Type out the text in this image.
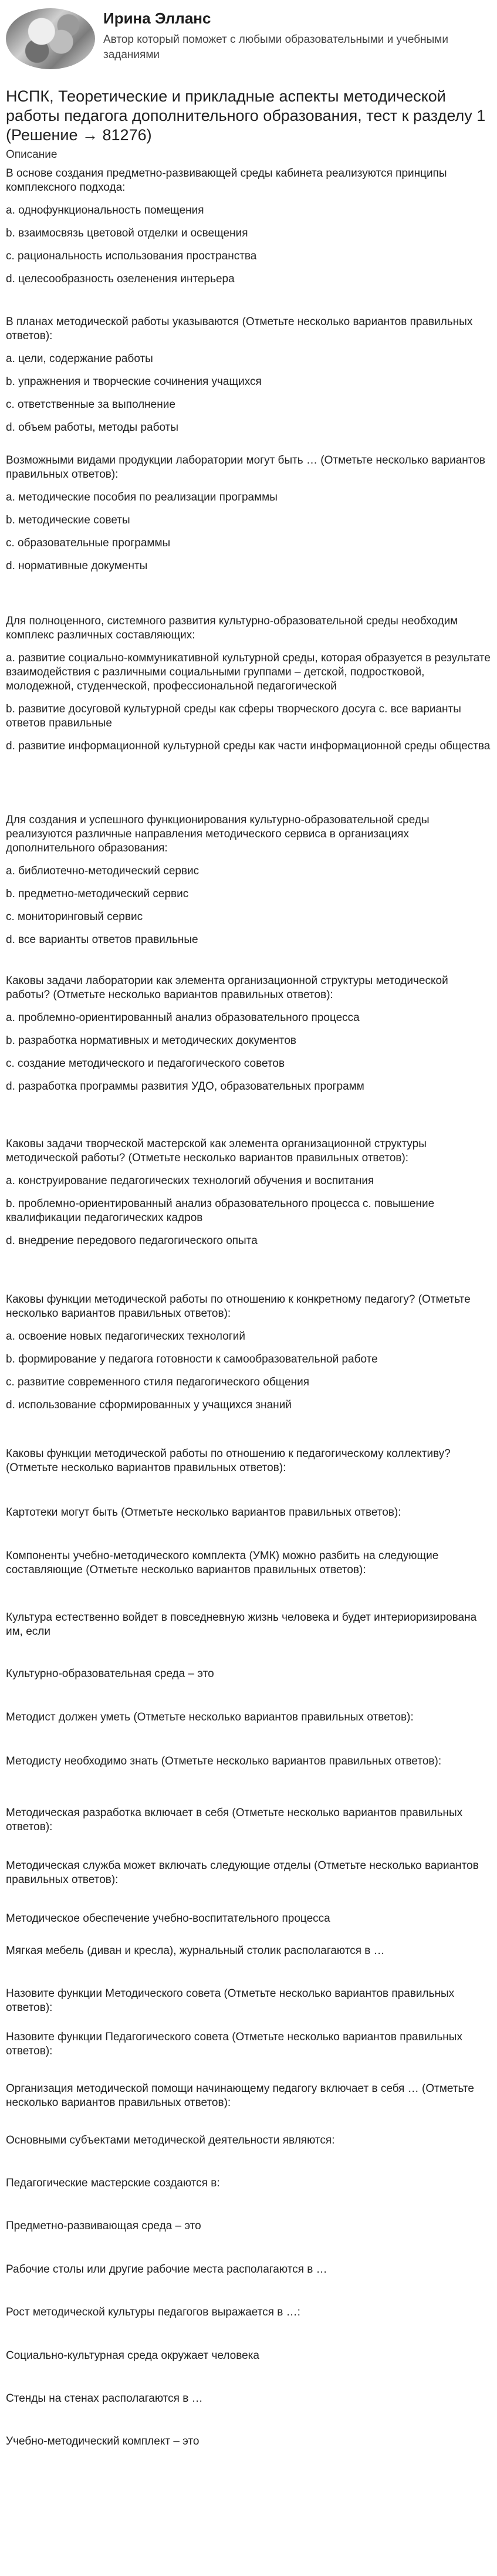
Ирина Элланс
Автор который поможет с любыми образовательными и учебными заданиями
НСПК, Теоретические и прикладные аспекты методической работы педагога дополнительного образования, тест к разделу 1 (Решение → 81276)
Описание

В основе создания предметно-развивающей среды кабинета реализуются принципы комплексного подхода:

a. однофункциональность помещения
b. взаимосвязь цветовой отделки и освещения
c. рациональность использования пространства
d. целесообразность озеленения интерьера

В планах методической работы указываются (Отметьте несколько вариантов правильных ответов):

a. цели, содержание работы
b. упражнения и творческие сочинения учащихся
c. ответственные за выполнение
d. объем работы, методы работы

Возможными видами продукции лаборатории могут быть … (Отметьте несколько вариантов правильных ответов):

a. методические пособия по реализации программы
b. методические советы
c. образовательные программы
d. нормативные документы

Для полноценного, системного развития культурно-образовательной среды необходим комплекс различных составляющих:

a. развитие социально-коммуникативной культурной среды, которая образуется в результате взаимодействия с различными социальными группами – детской, подростковой, молодежной, студенческой, профессиональной педагогической
b. развитие досуговой культурной среды как сферы творческого досуга с. все варианты ответов правильные
d. развитие информационной культурной среды как части информационной среды общества

Для создания и успешного функционирования культурно-образовательной среды реализуются различные направления методического сервиса в организациях дополнительного образования:

a. библиотечно-методический сервис
b. предметно-методический сервис
c. мониторинговый сервис
d. все варианты ответов правильные

Каковы задачи лаборатории как элемента организационной структуры методической работы? (Отметьте несколько вариантов правильных ответов):

a. проблемно-ориентированный анализ образовательного процесса
b. разработка нормативных и методических документов
c. создание методического и педагогического советов
d. разработка программы развития УДО, образовательных программ

Каковы задачи творческой мастерской как элемента организационной структуры методической работы? (Отметьте несколько вариантов правильных ответов):

a. конструирование педагогических технологий обучения и воспитания
b. проблемно-ориентированный анализ образовательного процесса с. повышение квалификации педагогических кадров
d. внедрение передового педагогического опыта

Каковы функции методической работы по отношению к конкретному педагогу? (Отметьте несколько вариантов правильных ответов):

a. освоение новых педагогических технологий
b. формирование у педагога готовности к самообразовательной работе
c. развитие современного стиля педагогического общения
d. использование сформированных у учащихся знаний

Каковы функции методической работы по отношению к педагогическому коллективу? (Отметьте несколько вариантов правильных ответов):

Картотеки могут быть (Отметьте несколько вариантов правильных ответов):

Компоненты учебно-методического комплекта (УМК) можно разбить на следующие составляющие (Отметьте несколько вариантов правильных ответов):

Культура естественно войдет в повседневную жизнь человека и будет интериоризирована им, если

Культурно-образовательная среда – это

Методист должен уметь (Отметьте несколько вариантов правильных ответов):

Методисту необходимо знать (Отметьте несколько вариантов правильных ответов):

Методическая разработка включает в себя (Отметьте несколько вариантов правильных ответов):

Методическая служба может включать следующие отделы (Отметьте несколько вариантов правильных ответов):

Методическое обеспечение учебно-воспитательного процесса

Мягкая мебель (диван и кресла), журнальный столик располагаются в …

Назовите функции Методического совета (Отметьте несколько вариантов правильных ответов):

Назовите функции Педагогического совета (Отметьте несколько вариантов правильных ответов):

Организация методической помощи начинающему педагогу включает в себя … (Отметьте несколько вариантов правильных ответов):

Основными субъектами методической деятельности являются:

Педагогические мастерские создаются в:

Предметно-развивающая среда – это

Рабочие столы или другие рабочие места располагаются в …

Рост методической культуры педагогов выражается в …:

Социально-культурная среда окружает человека

Стенды на стенах располагаются в …

Учебно-методический комплект – это
